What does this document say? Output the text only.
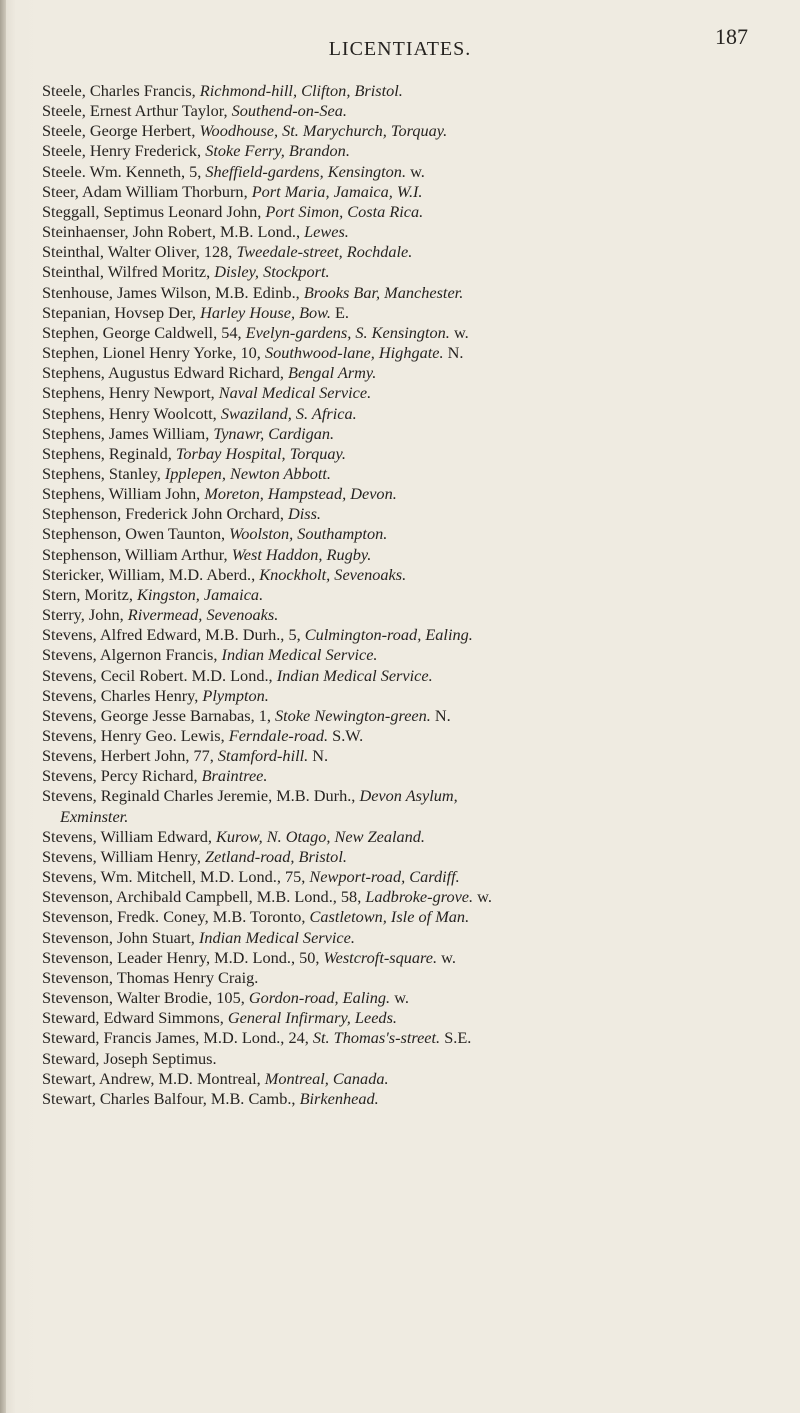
LICENTIATES.	187
Steele, Charles Francis, Richmond-hill, Clifton, Bristol.
Steele, Ernest Arthur Taylor, Southend-on-Sea.
Steele, George Herbert, Woodhouse, St. Marychurch, Torquay.
Steele, Henry Frederick, Stoke Ferry, Brandon.
Steele. Wm. Kenneth, 5, Sheffield-gardens, Kensington. w.
Steer, Adam William Thorburn, Port Maria, Jamaica, W.I.
Steggall, Septimus Leonard John, Port Simon, Costa Rica.
Steinhaenser, John Robert, M.B. Lond., Lewes.
Steinthal, Walter Oliver, 128, Tweedale-street, Rochdale.
Steinthal, Wilfred Moritz, Disley, Stockport.
Stenhouse, James Wilson, M.B. Edinb., Brooks Bar, Manchester.
Stepanian, Hovsep Der, Harley House, Bow. E.
Stephen, George Caldwell, 54, Evelyn-gardens, S. Kensington. w.
Stephen, Lionel Henry Yorke, 10, Southwood-lane, Highgate. N.
Stephens, Augustus Edward Richard, Bengal Army.
Stephens, Henry Newport, Naval Medical Service.
Stephens, Henry Woolcott, Swaziland, S. Africa.
Stephens, James William, Tynawr, Cardigan.
Stephens, Reginald, Torbay Hospital, Torquay.
Stephens, Stanley, Ipplepen, Newton Abbott.
Stephens, William John, Moreton, Hampstead, Devon.
Stephenson, Frederick John Orchard, Diss.
Stephenson, Owen Taunton, Woolston, Southampton.
Stephenson, William Arthur, West Haddon, Rugby.
Stericker, William, M.D. Aberd., Knockholt, Sevenoaks.
Stern, Moritz, Kingston, Jamaica.
Sterry, John, Rivermead, Sevenoaks.
Stevens, Alfred Edward, M.B. Durh., 5, Culmington-road, Ealing.
Stevens, Algernon Francis, Indian Medical Service.
Stevens, Cecil Robert. M.D. Lond., Indian Medical Service.
Stevens, Charles Henry, Plympton.
Stevens, George Jesse Barnabas, 1, Stoke Newington-green. N.
Stevens, Henry Geo. Lewis, Ferndale-road. S.W.
Stevens, Herbert John, 77, Stamford-hill. N.
Stevens, Percy Richard, Braintree.
Stevens, Reginald Charles Jeremie, M.B. Durh., Devon Asylum,
Exminster.
Stevens, William Edward, Kurow, N. Otago, New Zealand.
Stevens, William Henry, Zetland-road, Bristol.
Stevens, Wm. Mitchell, M.D. Lond., 75, Newport-road, Cardiff.
Stevenson, Archibald Campbell, M.B. Lond., 58, Ladbroke-grove. w.
Stevenson, Fredk. Coney, M.B. Toronto, Castletown, Isle of Man.
Stevenson, John Stuart, Indian Medical Service.
Stevenson, Leader Henry, M.D. Lond., 50, Westcroft-square. w.
Stevenson, Thomas Henry Craig.
Stevenson, Walter Brodie, 105, Gordon-road, Ealing. w.
Steward, Edward Simmons, General Infirmary, Leeds.
Steward, Francis James, M.D. Lond., 24, St. Thomas's-street. S.E.
Steward, Joseph Septimus.
Stewart, Andrew, M.D. Montreal, Montreal, Canada.
Stewart, Charles Balfour, M.B. Camb., Birkenhead.
